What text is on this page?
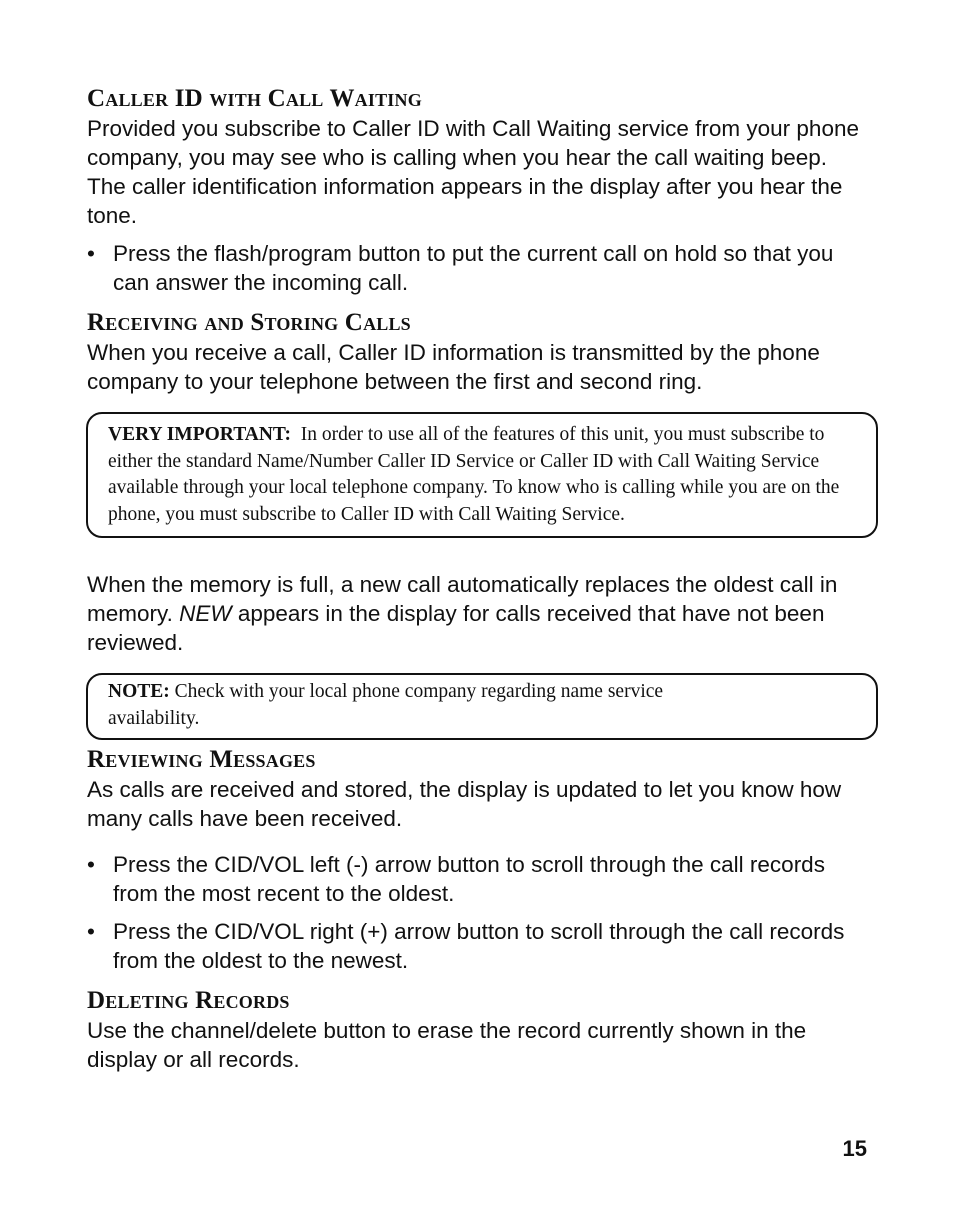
Caller ID with Call Waiting

Provided you subscribe to Caller ID with Call Waiting service from your phone company, you may see who is calling when you hear the call waiting beep. The caller identification information appears in the display after you hear the tone.

• Press the flash/program button to put the current call on hold so that you can answer the incoming call.
Receiving and Storing Calls

When you receive a call, Caller ID information is transmitted by the phone company to your telephone between the first and second ring.

VERY IMPORTANT: In order to use all of the features of this unit, you must subscribe to either the standard Name/Number Caller ID Service or Caller ID with Call Waiting Service available through your local telephone company. To know who is calling while you are on the phone, you must subscribe to Caller ID with Call Waiting Service.

When the memory is full, a new call automatically replaces the oldest call in memory. NEW appears in the display for calls received that have not been reviewed.

NOTE: Check with your local phone company regarding name service availability.
Reviewing Messages

As calls are received and stored, the display is updated to let you know how many calls have been received.

• Press the CID/VOL left (-) arrow button to scroll through the call records from the most recent to the oldest.
• Press the CID/VOL right (+) arrow button to scroll through the call records from the oldest to the newest.
Deleting Records

Use the channel/delete button to erase the record currently shown in the display or all records.

15
